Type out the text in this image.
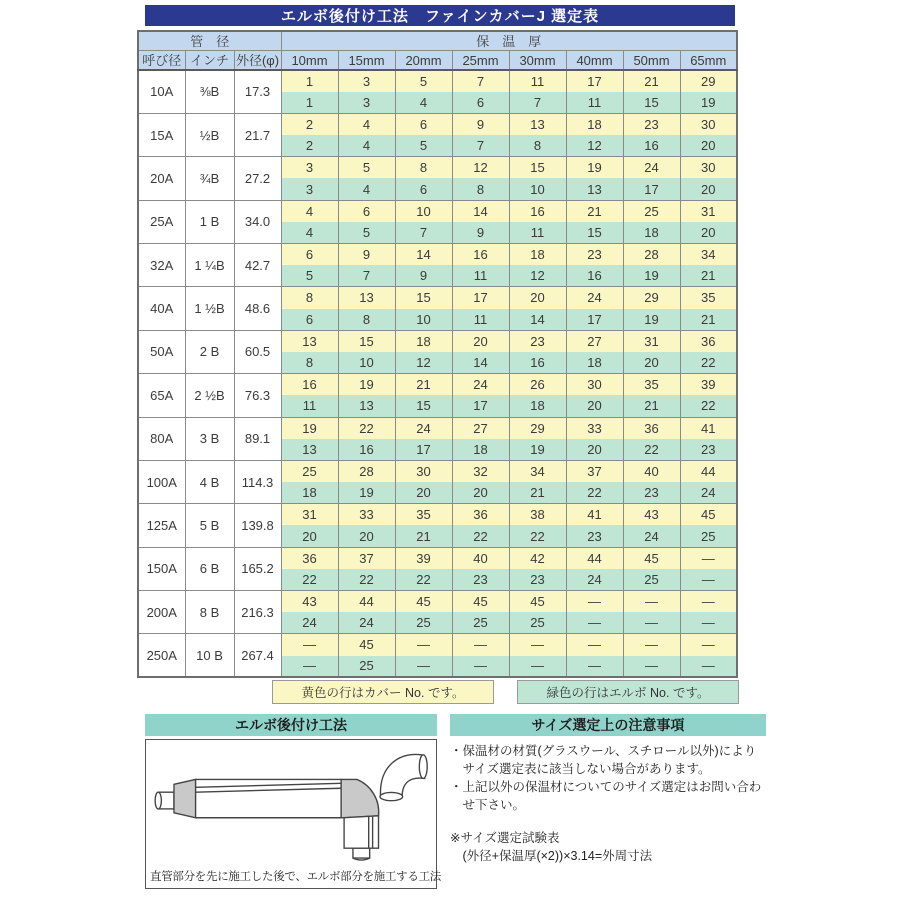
エルボ後付け工法　ファインカバーJ 選定表
管　径			保　温　厚							
呼び径	インチ	外径(φ)	10mm	15mm	20mm	25mm	30mm	40mm	50mm	65mm
10A	⅜B	17.3	1	3	5	7	11	17	21	29
			1	3	4	6	7	11	15	19
15A	½B	21.7	2	4	6	9	13	18	23	30
			2	4	5	7	8	12	16	20
20A	¾B	27.2	3	5	8	12	15	19	24	30
			3	4	6	8	10	13	17	20
25A	1 B	34.0	4	6	10	14	16	21	25	31
			4	5	7	9	11	15	18	20
32A	1 ¼B	42.7	6	9	14	16	18	23	28	34
			5	7	9	11	12	16	19	21
40A	1 ½B	48.6	8	13	15	17	20	24	29	35
			6	8	10	11	14	17	19	21
50A	2 B	60.5	13	15	18	20	23	27	31	36
			8	10	12	14	16	18	20	22
65A	2 ½B	76.3	16	19	21	24	26	30	35	39
			11	13	15	17	18	20	21	22
80A	3 B	89.1	19	22	24	27	29	33	36	41
			13	16	17	18	19	20	22	23
100A	4 B	114.3	25	28	30	32	34	37	40	44
			18	19	20	20	21	22	23	24
125A	5 B	139.8	31	33	35	36	38	41	43	45
			20	20	21	22	22	23	24	25
150A	6 B	165.2	36	37	39	40	42	44	45	—
			22	22	22	23	23	24	25	—
200A	8 B	216.3	43	44	45	45	45	—	—	—
			24	24	25	25	25	—	—	—
250A	10 B	267.4	—	45	—	—	—	—	—	—
			—	25	—	—	—	—	—	—
黄色の行はカバー No. です。	緑色の行はエルボ No. です。
エルボ後付け工法
直管部分を先に施工した後で、エルボ部分を施工する工法
サイズ選定上の注意事項
・保温材の材質(グラスウール、スチロール以外)によりサイズ選定表に該当しない場合があります。
・上記以外の保温材についてのサイズ選定はお問い合わせ下さい。
※サイズ選定試験表
(外径+保温厚(×2))×3.14=外周寸法
